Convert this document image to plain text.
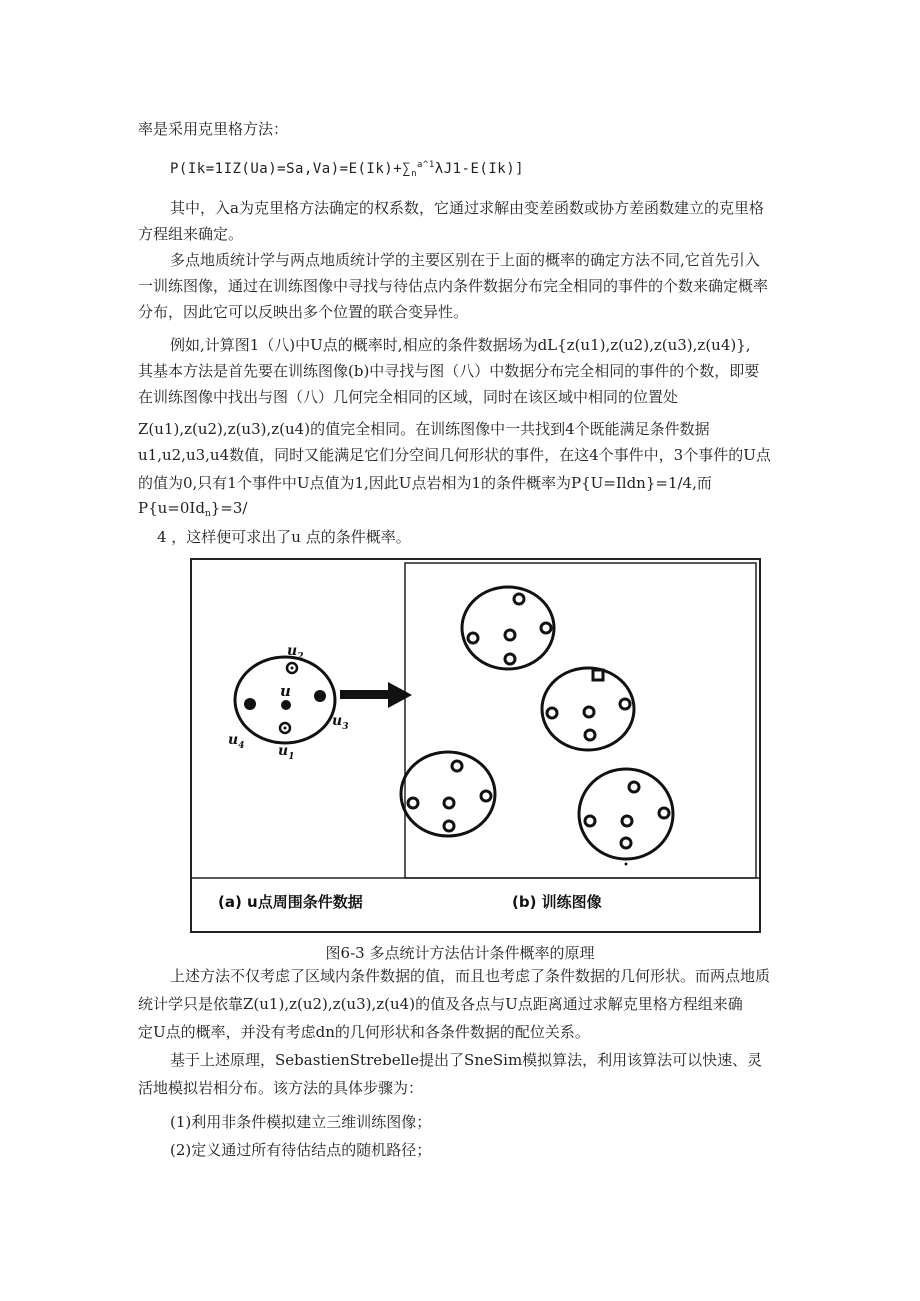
率是采用克里格方法：
$P(Ik=1IZ(Ua)=Sa,Va)=E(Ik)+\sum_n^{a\^{}1}\lambda J1-E(Ik)$]
其中，入a为克里格方法确定的权系数，它通过求解由变差函数或协方差函数建立的克里格
方程组来确定。
多点地质统计学与两点地质统计学的主要区别在于上面的概率的确定方法不同,它首先引入
一训练图像，通过在训练图像中寻找与待估点内条件数据分布完全相同的事件的个数来确定概率
分布，因此它可以反映出多个位置的联合变异性。
例如,计算图1（八)中U点的概率时,相应的条件数据场为dL{z(u1),z(u2),z(u3),z(u4)},
其基本方法是首先要在训练图像(b)中寻找与图（八）中数据分布完全相同的事件的个数，即要
在训练图像中找出与图（八）几何完全相同的区域，同时在该区域中相同的位置处
Z(u1),z(u2),z(u3),z(u4)的值完全相同。在训练图像中一共找到4个既能满足条件数据
u1,u2,u3,u4数值，同时又能满足它们分空间几何形状的事件，在这4个事件中，3个事件的U点
的值为0,只有1个事件中U点值为1,因此U点岩相为1的条件概率为P{U=Ildn}=1/4,而
$P\{u=0Id_n\}=3/$
4 ，这样便可求出了u 点的条件概率。
u
$u_2$
$u_1$
$u_3$
$u_4$
(a) u点周围条件数据	(b) 训练图像
图6-3 多点统计方法估计条件概率的原理
上述方法不仅考虑了区域内条件数据的值，而且也考虑了条件数据的几何形状。而两点地质
统计学只是依靠Z(u1),z(u2),z(u3),z(u4)的值及各点与U点距离通过求解克里格方程组来确
定U点的概率，并没有考虑dn的几何形状和各条件数据的配位关系。
基于上述原理，SebastienStrebelle提出了SneSim模拟算法，利用该算法可以快速、灵
活地模拟岩相分布。该方法的具体步骤为：
(1)利用非条件模拟建立三维训练图像；
(2)定义通过所有待估结点的随机路径；
